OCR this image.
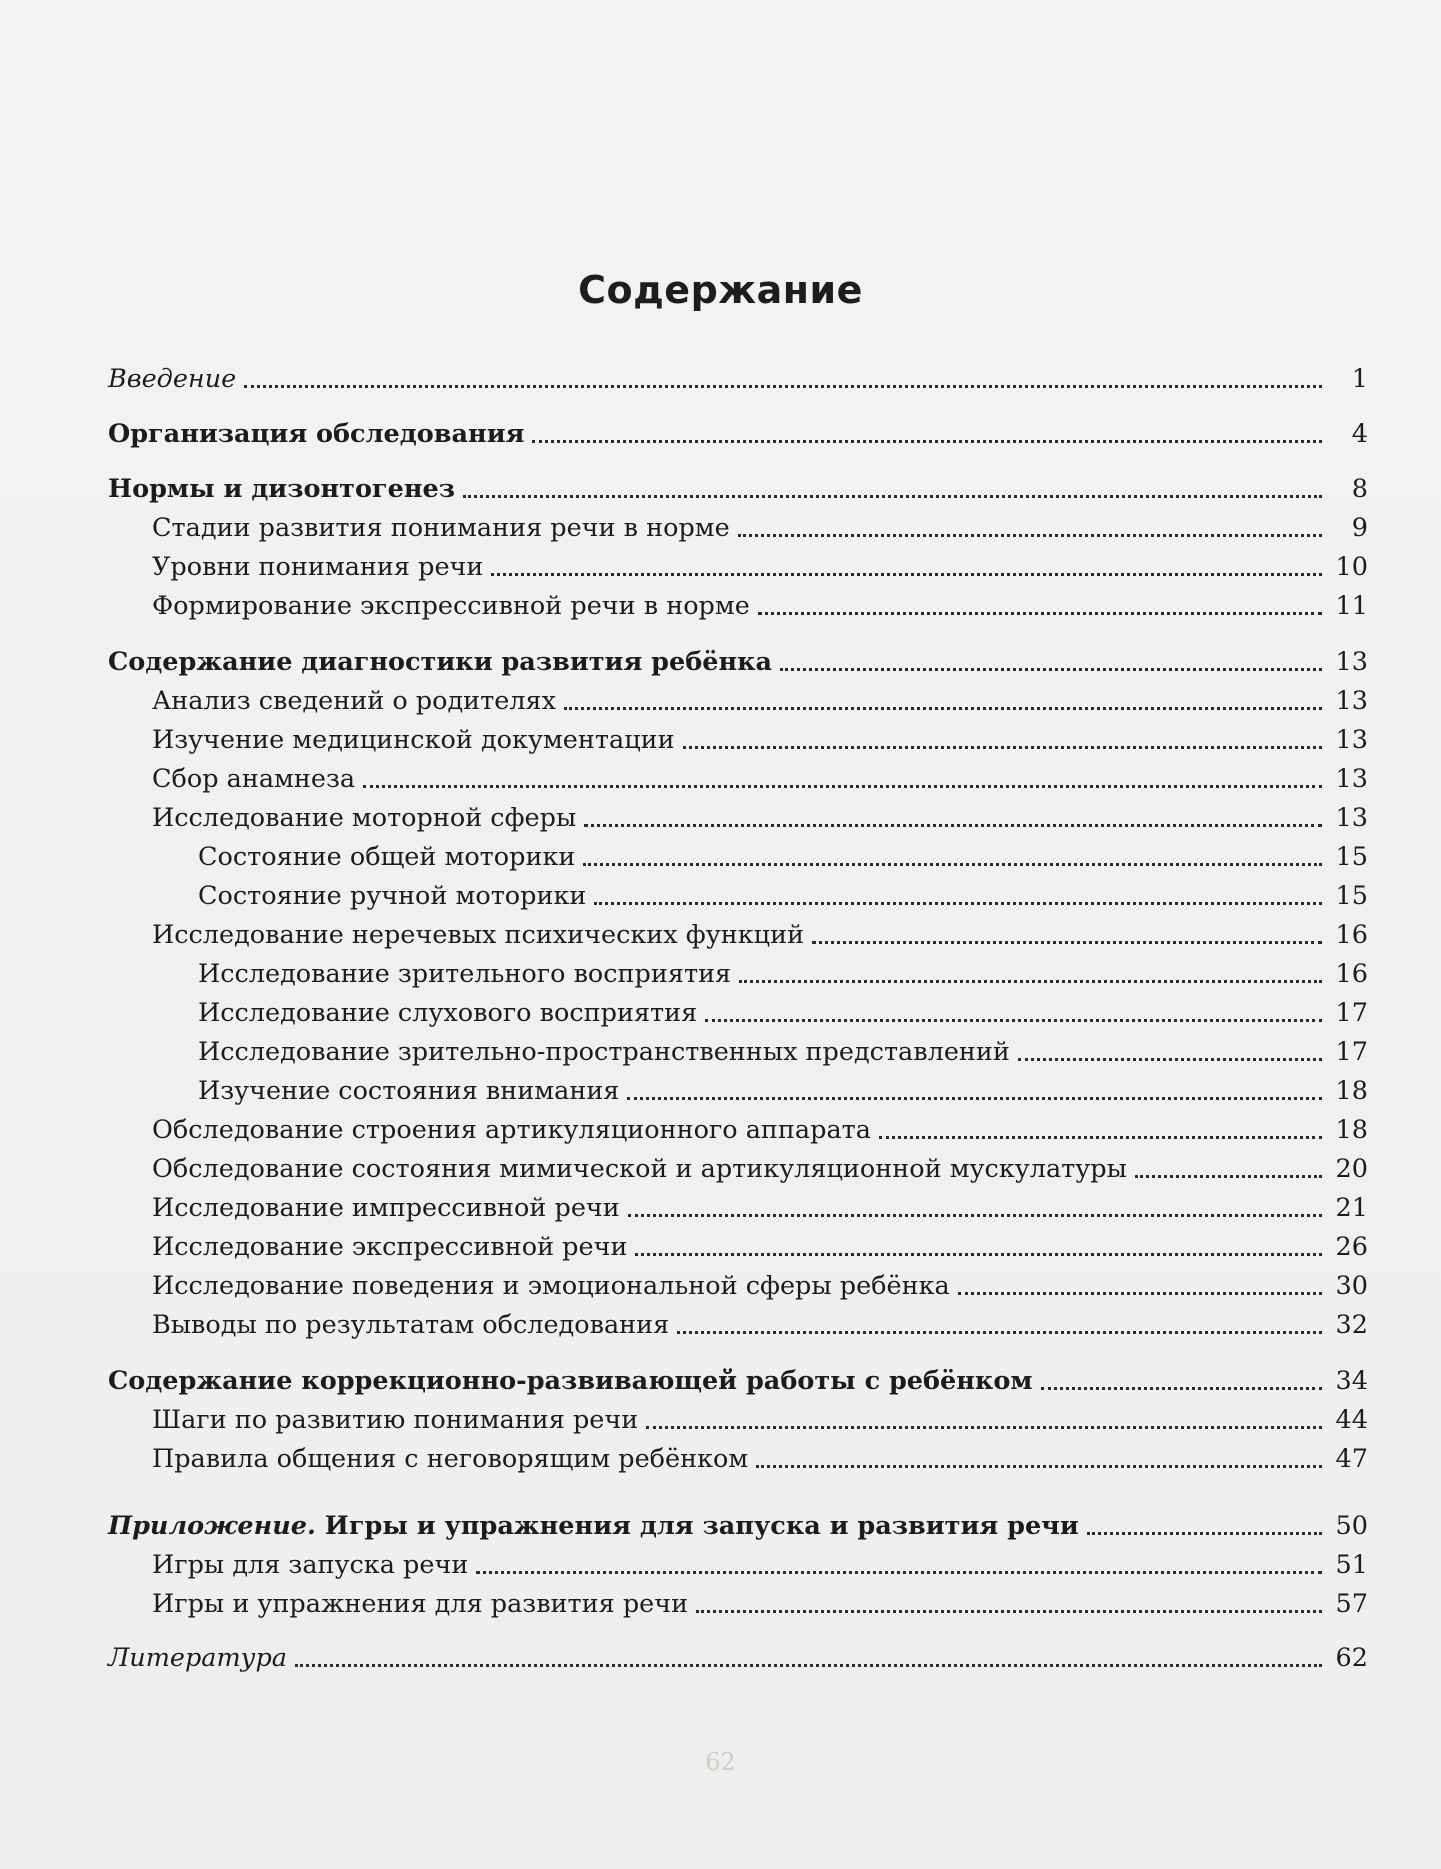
Содержание
Введение	1
Организация обследования	4
Нормы и дизонтогенез	8
Стадии развития понимания речи в норме	9
Уровни понимания речи	10
Формирование экспрессивной речи в норме	11
Содержание диагностики развития ребёнка	13
Анализ сведений о родителях	13
Изучение медицинской документации	13
Сбор анамнеза	13
Исследование моторной сферы	13
Состояние общей моторики	15
Состояние ручной моторики	15
Исследование неречевых психических функций	16
Исследование зрительного восприятия	16
Исследование слухового восприятия	17
Исследование зрительно-пространственных представлений	17
Изучение состояния внимания	18
Обследование строения артикуляционного аппарата	18
Обследование состояния мимической и артикуляционной мускулатуры	20
Исследование импрессивной речи	21
Исследование экспрессивной речи	26
Исследование поведения и эмоциональной сферы ребёнка	30
Выводы по результатам обследования	32
Содержание коррекционно-развивающей работы с ребёнком	34
Шаги по развитию понимания речи	44
Правила общения с неговорящим ребёнком	47
Приложение. Игры и упражнения для запуска и развития речи	50
Игры для запуска речи	51
Игры и упражнения для развития речи	57
Литература	62
62
